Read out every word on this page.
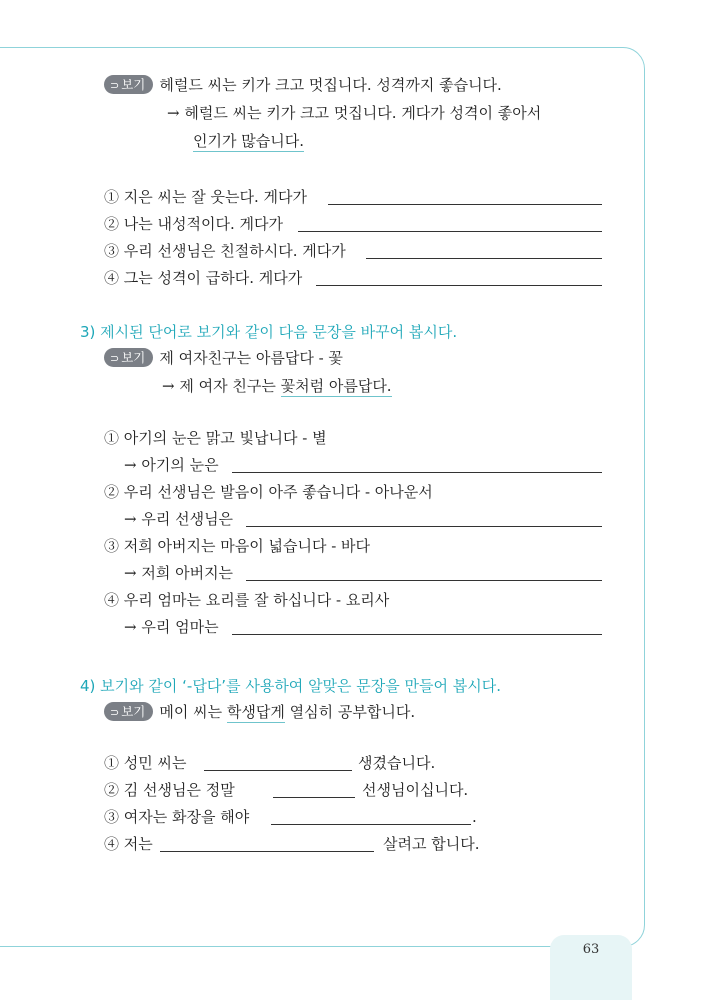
63
⊃ 보기 헤럴드 씨는 키가 크고 멋집니다. 성격까지 좋습니다.
→ 헤럴드 씨는 키가 크고 멋집니다. 게다가 성격이 좋아서
인기가 많습니다.
① 지은 씨는 잘 웃는다. 게다가
② 나는 내성적이다. 게다가
③ 우리 선생님은 친절하시다. 게다가
④ 그는 성격이 급하다. 게다가
3) 제시된 단어로 보기와 같이 다음 문장을 바꾸어 봅시다.
⊃ 보기 제 여자친구는 아름답다 - 꽃
→ 제 여자 친구는 꽃처럼 아름답다.
① 아기의 눈은 맑고 빛납니다 - 별
→ 아기의 눈은
② 우리 선생님은 발음이 아주 좋습니다 - 아나운서
→ 우리 선생님은
③ 저희 아버지는 마음이 넓습니다 - 바다
→ 저희 아버지는
④ 우리 엄마는 요리를 잘 하십니다 - 요리사
→ 우리 엄마는
4) 보기와 같이 ‘-답다’를 사용하여 알맞은 문장을 만들어 봅시다.
⊃ 보기 메이 씨는 학생답게 열심히 공부합니다.
① 성민 씨는	생겼습니다.
② 김 선생님은 정말	선생님이십니다.
③ 여자는 화장을 해야	.
④ 저는	살려고 합니다.
